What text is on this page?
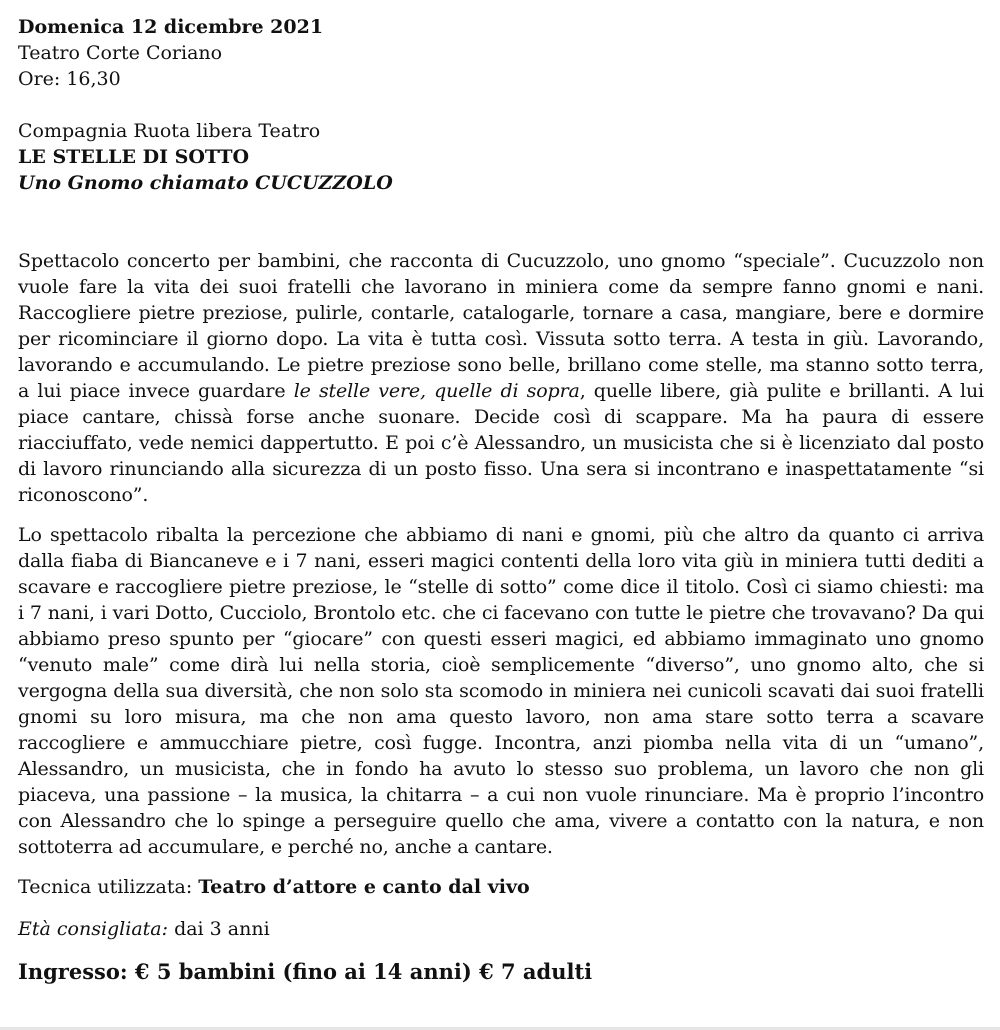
Domenica 12 dicembre 2021

Teatro Corte Coriano

Ore: 16,30

Compagnia Ruota libera Teatro

LE STELLE DI SOTTO

Uno Gnomo chiamato CUCUZZOLO

Spettacolo concerto per bambini, che racconta di Cucuzzolo, uno gnomo “speciale”. Cucuzzolo non vuole fare la vita dei suoi fratelli che lavorano in miniera come da sempre fanno gnomi e nani. Raccogliere pietre preziose, pulirle, contarle, catalogarle, tornare a casa, mangiare, bere e dormire per ricominciare il giorno dopo. La vita è tutta così. Vissuta sotto terra. A testa in giù. Lavorando, lavorando e accumulando. Le pietre preziose sono belle, brillano come stelle, ma stanno sotto terra, a lui piace invece guardare le stelle vere, quelle di sopra, quelle libere, già pulite e brillanti. A lui piace cantare, chissà forse anche suonare. Decide così di scappare. Ma ha paura di essere riacciuffato, vede nemici dappertutto. E poi c’è Alessandro, un musicista che si è licenziato dal posto di lavoro rinunciando alla sicurezza di un posto fisso. Una sera si incontrano e inaspettatamente “si riconoscono”.

Lo spettacolo ribalta la percezione che abbiamo di nani e gnomi, più che altro da quanto ci arriva dalla fiaba di Biancaneve e i 7 nani, esseri magici contenti della loro vita giù in miniera tutti dediti a scavare e raccogliere pietre preziose, le “stelle di sotto” come dice il titolo. Così ci siamo chiesti: ma i 7 nani, i vari Dotto, Cucciolo, Brontolo etc. che ci facevano con tutte le pietre che trovavano? Da qui abbiamo preso spunto per “giocare” con questi esseri magici, ed abbiamo immaginato uno gnomo “venuto male” come dirà lui nella storia, cioè semplicemente “diverso”, uno gnomo alto, che si vergogna della sua diversità, che non solo sta scomodo in miniera nei cunicoli scavati dai suoi fratelli gnomi su loro misura, ma che non ama questo lavoro, non ama stare sotto terra a scavare raccogliere e ammucchiare pietre, così fugge. Incontra, anzi piomba nella vita di un “umano”, Alessandro, un musicista, che in fondo ha avuto lo stesso suo problema, un lavoro che non gli piaceva, una passione – la musica, la chitarra – a cui non vuole rinunciare. Ma è proprio l’incontro con Alessandro che lo spinge a perseguire quello che ama, vivere a contatto con la natura, e non sottoterra ad accumulare, e perché no, anche a cantare.

Tecnica utilizzata: Teatro d’attore e canto dal vivo

Età consigliata: dai 3 anni

Ingresso: € 5 bambini (fino ai 14 anni) € 7 adulti
